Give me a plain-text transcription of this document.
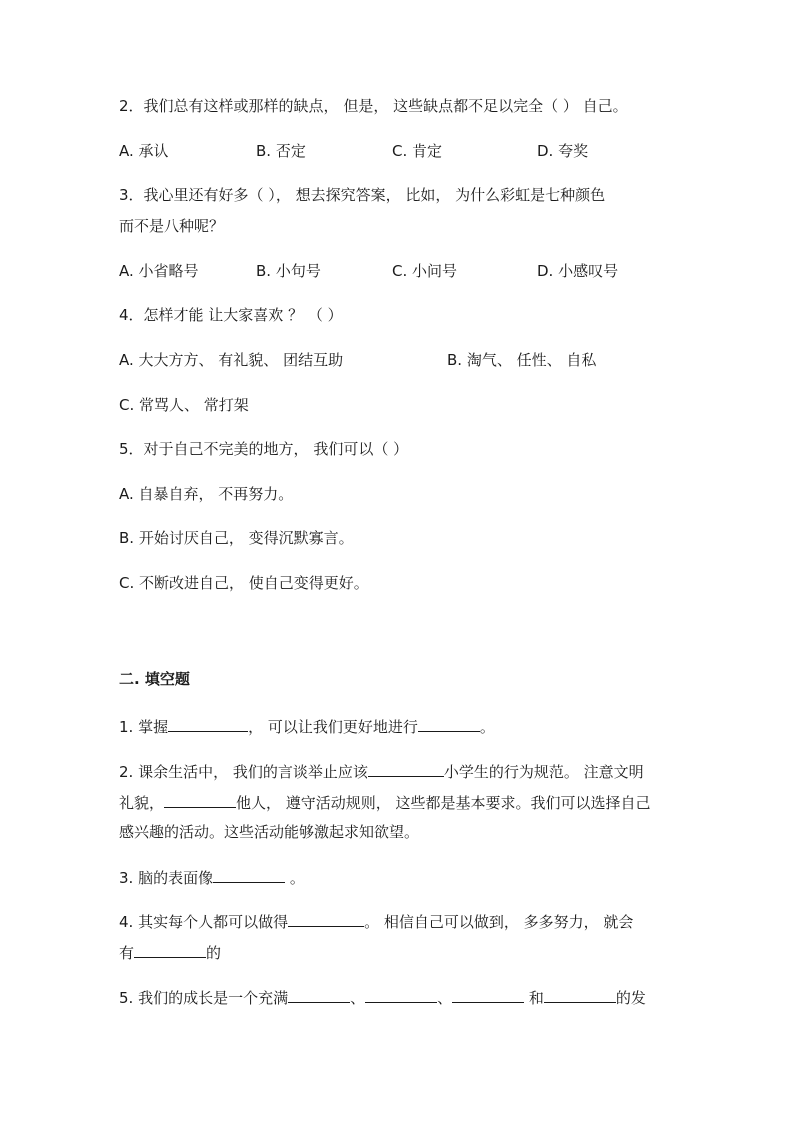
2．我们总有这样或那样的缺点， 但是， 这些缺点都不足以完全（ ） 自己。
A. 承认	B. 否定	C. 肯定	D. 夸奖
3．我心里还有好多（ ）， 想去探究答案， 比如， 为什么彩虹是七种颜色
而不是八种呢？
A. 小省略号	B. 小句号	C. 小问号	D. 小感叹号
4．怎样才能 让大家喜欢 ？ （ ）
A. 大大方方、 有礼貌、 团结互助	B. 淘气、 任性、 自私
C. 常骂人、 常打架
5．对于自己不完美的地方， 我们可以（ ）
A. 自暴自弃， 不再努力。
B. 开始讨厌自己， 变得沉默寡言。
C. 不断改进自己， 使自己变得更好。
二. 填空题
1. 掌握	， 可以让我们更好地进行	。
2. 课余生活中， 我们的言谈举止应该	小学生的行为规范。 注意文明
礼貌，	他人， 遵守活动规则， 这些都是基本要求。我们可以选择自己
感兴趣的活动。这些活动能够激起求知欲望。
3. 脑的表面像	。
4. 其实每个人都可以做得	。 相信自己可以做到， 多多努力， 就会
有	的
5. 我们的成长是一个充满	、	、	和	的发
